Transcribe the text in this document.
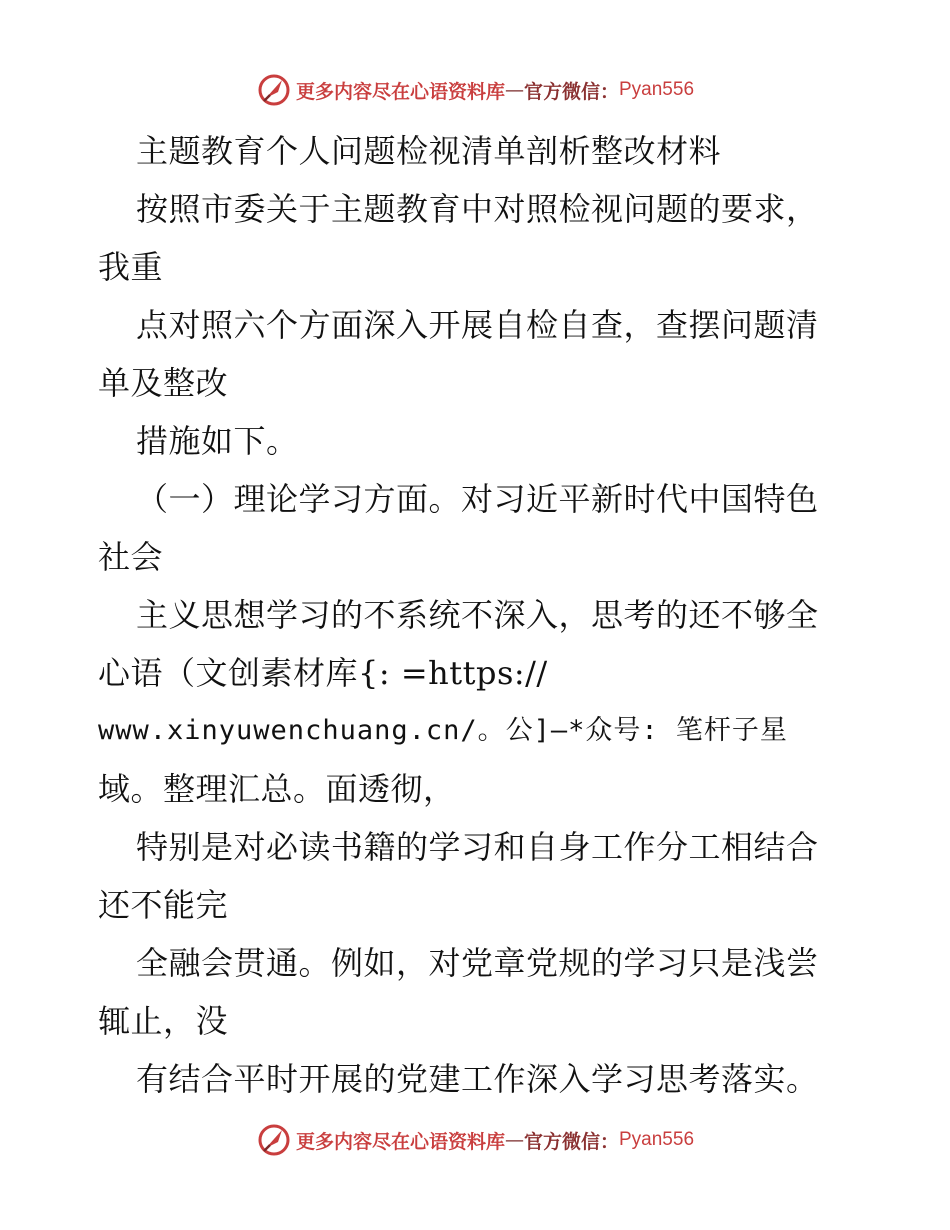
更多内容尽在心语资料库 — 官方微信： Pyan556
主题教育个人问题检视清单剖析整改材料
按照市委关于主题教育中对照检视问题的要求，
我重
点对照六个方面深入开展自检自查，查摆问题清
单及整改
措施如下。
（一）理论学习方面。对习近平新时代中国特色
社会
主义思想学习的不系统不深入，思考的还不够全
心语（文创素材库{: =https://
www.xinyuwenchuang.cn/。公]—*众号: 笔杆子星
域。整理汇总。面透彻，
特别是对必读书籍的学习和自身工作分工相结合
还不能完
全融会贯通。例如，对党章党规的学习只是浅尝
辄止，没
有结合平时开展的党建工作深入学习思考落实。
更多内容尽在心语资料库 — 官方微信： Pyan556
